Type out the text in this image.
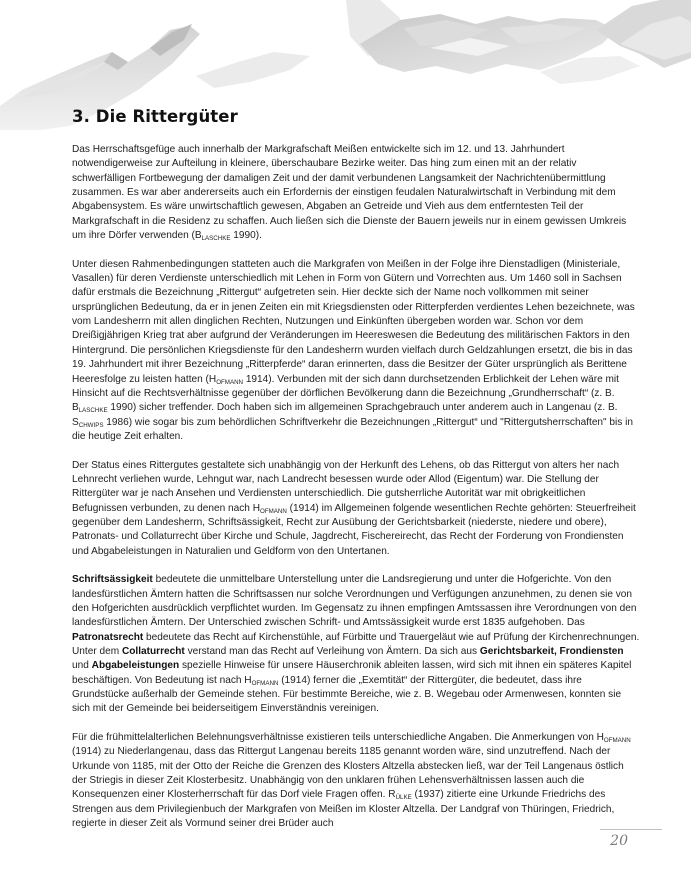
3. Die Rittergüter

Das Herrschaftsgefüge auch innerhalb der Markgrafschaft Meißen entwickelte sich im 12. und 13. Jahrhundert notwendigerweise zur Aufteilung in kleinere, überschaubare Bezirke weiter. Das hing zum einen mit an der relativ schwerfälligen Fortbewegung der damaligen Zeit und der damit verbundenen Langsamkeit der Nachrichtenübermittlung zusammen. Es war aber andererseits auch ein Erfordernis der einstigen feudalen Naturalwirtschaft in Verbindung mit dem Abgabensystem. Es wäre unwirtschaftlich gewesen, Abgaben an Getreide und Vieh aus dem entferntesten Teil der Markgrafschaft in die Residenz zu schaffen. Auch ließen sich die Dienste der Bauern jeweils nur in einem gewissen Umkreis um ihre Dörfer verwenden ($B_{LASCHKE}$ 1990).

Unter diesen Rahmenbedingungen statteten auch die Markgrafen von Meißen in der Folge ihre Dienstadligen (Ministeriale, Vasallen) für deren Verdienste unterschiedlich mit Lehen in Form von Gütern und Vorrechten aus. Um 1460 soll in Sachsen dafür erstmals die Bezeichnung „Rittergut“ aufgetreten sein. Hier deckte sich der Name noch vollkommen mit seiner ursprünglichen Bedeutung, da er in jenen Zeiten ein mit Kriegsdiensten oder Ritterpferden verdientes Lehen bezeichnete, was vom Landesherrn mit allen dinglichen Rechten, Nutzungen und Einkünften übergeben worden war. Schon vor dem Dreißigjährigen Krieg trat aber aufgrund der Veränderungen im Heereswesen die Bedeutung des militärischen Faktors in den Hintergrund. Die persönlichen Kriegsdienste für den Landesherrn wurden vielfach durch Geldzahlungen ersetzt, die bis in das 19. Jahrhundert mit ihrer Bezeichnung „Ritterpferde“ daran erinnerten, dass die Besitzer der Güter ursprünglich als Berittene Heeresfolge zu leisten hatten ($H_{OFMANN}$ 1914). Verbunden mit der sich dann durchsetzenden Erblichkeit der Lehen wäre mit Hinsicht auf die Rechtsverhältnisse gegenüber der dörflichen Bevölkerung dann die Bezeichnung „Grundherrschaft“ (z. B. $B_{LASCHKE}$ 1990) sicher treffender. Doch haben sich im allgemeinen Sprachgebrauch unter anderem auch in Langenau (z. B. $S_{CHWIPS}$ 1986) wie sogar bis zum behördlichen Schriftverkehr die Bezeichnungen „Rittergut“ und "Rittergutsherrschaften" bis in die heutige Zeit erhalten.

Der Status eines Rittergutes gestaltete sich unabhängig von der Herkunft des Lehens, ob das Rittergut von alters her nach Lehnrecht verliehen wurde, Lehngut war, nach Landrecht besessen wurde oder Allod (Eigentum) war. Die Stellung der Rittergüter war je nach Ansehen und Verdiensten unterschiedlich. Die gutsherrliche Autorität war mit obrigkeitlichen Befugnissen verbunden, zu denen nach $H_{OFMANN}$ (1914) im Allgemeinen folgende wesentlichen Rechte gehörten: Steuerfreiheit gegenüber dem Landesherrn, Schriftsässigkeit, Recht zur Ausübung der Gerichtsbarkeit (niederste, niedere und obere), Patronats- und Collaturrecht über Kirche und Schule, Jagdrecht, Fischereirecht, das Recht der Forderung von Frondiensten und Abgabeleistungen in Naturalien und Geldform von den Untertanen.

Schriftsässigkeit bedeutete die unmittelbare Unterstellung unter die Landsregierung und unter die Hofgerichte. Von den landesfürstlichen Ämtern hatten die Schriftsassen nur solche Verordnungen und Verfügungen anzunehmen, zu denen sie von den Hofgerichten ausdrücklich verpflichtet wurden. Im Gegensatz zu ihnen empfingen Amtssassen ihre Verordnungen von den landesfürstlichen Ämtern. Der Unterschied zwischen Schrift- und Amtssässigkeit wurde erst 1835 aufgehoben. Das Patronatsrecht bedeutete das Recht auf Kirchenstühle, auf Fürbitte und Trauergeläut wie auf Prüfung der Kirchenrechnungen. Unter dem Collaturrecht verstand man das Recht auf Verleihung von Ämtern. Da sich aus Gerichtsbarkeit, Frondiensten und Abgabeleistungen spezielle Hinweise für unsere Häuserchronik ableiten lassen, wird sich mit ihnen ein späteres Kapitel beschäftigen. Von Bedeutung ist nach $H_{OFMANN}$ (1914) ferner die „Exemtität“ der Rittergüter, die bedeutet, dass ihre Grundstücke außerhalb der Gemeinde stehen. Für bestimmte Bereiche, wie z. B. Wegebau oder Armenwesen, konnten sie sich mit der Gemeinde bei beiderseitigem Einverständnis vereinigen.

Für die frühmittelalterlichen Belehnungsverhältnisse existieren teils unterschiedliche Angaben. Die Anmerkungen von $H_{OFMANN}$ (1914) zu Niederlangenau, dass das Rittergut Langenau bereits 1185 genannt worden wäre, sind unzutreffend. Nach der Urkunde von 1185, mit der Otto der Reiche die Grenzen des Klosters Altzella abstecken ließ, war der Teil Langenaus östlich der Striegis in dieser Zeit Klosterbesitz. Unabhängig von den unklaren frühen Lehensverhältnissen lassen auch die Konsequenzen einer Klosterherrschaft für das Dorf viele Fragen offen. $R_{ÜLKE}$ (1937) zitierte eine Urkunde Friedrichs des Strengen aus dem Privilegienbuch der Markgrafen von Meißen im Kloster Altzella. Der Landgraf von Thüringen, Friedrich, regierte in dieser Zeit als Vormund seiner drei Brüder auch

20
